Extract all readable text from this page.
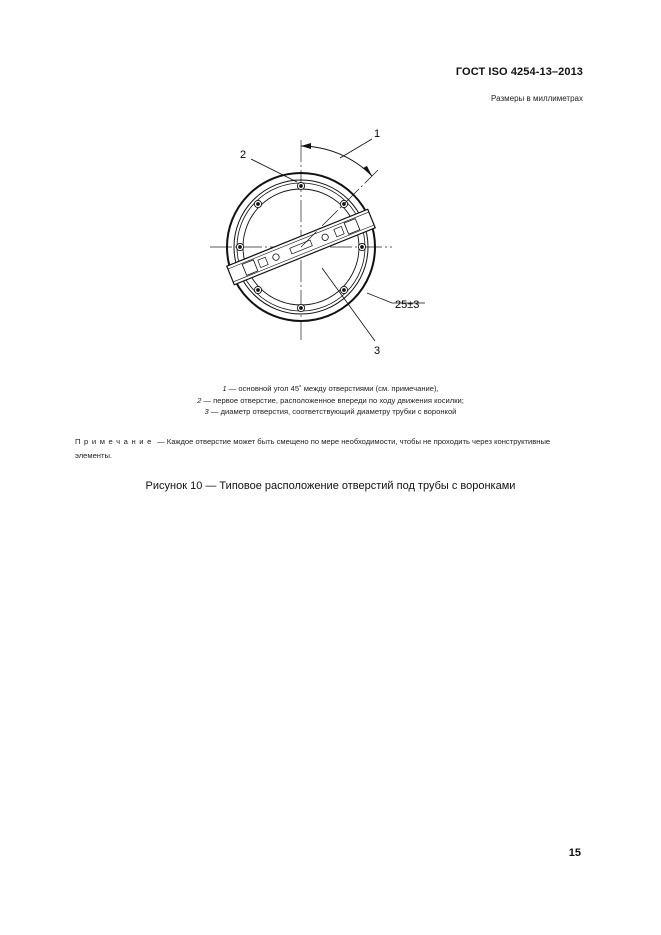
ГОСТ ISO 4254-13–2013
Размеры в миллиметрах
1
2
3
25±3
1 — основной угол 45˚ между отверстиями (см. примечание),
2 — первое отверстие, расположенное впереди по ходу движения косилки;
3 — диаметр отверстия, соответствующий диаметру трубки с воронкой
Примечание — Каждое отверстие может быть смещено по мере необходимости, чтобы не проходить через конструктивные элементы.
Рисунок 10 — Типовое расположение отверстий под трубы с воронками
15
